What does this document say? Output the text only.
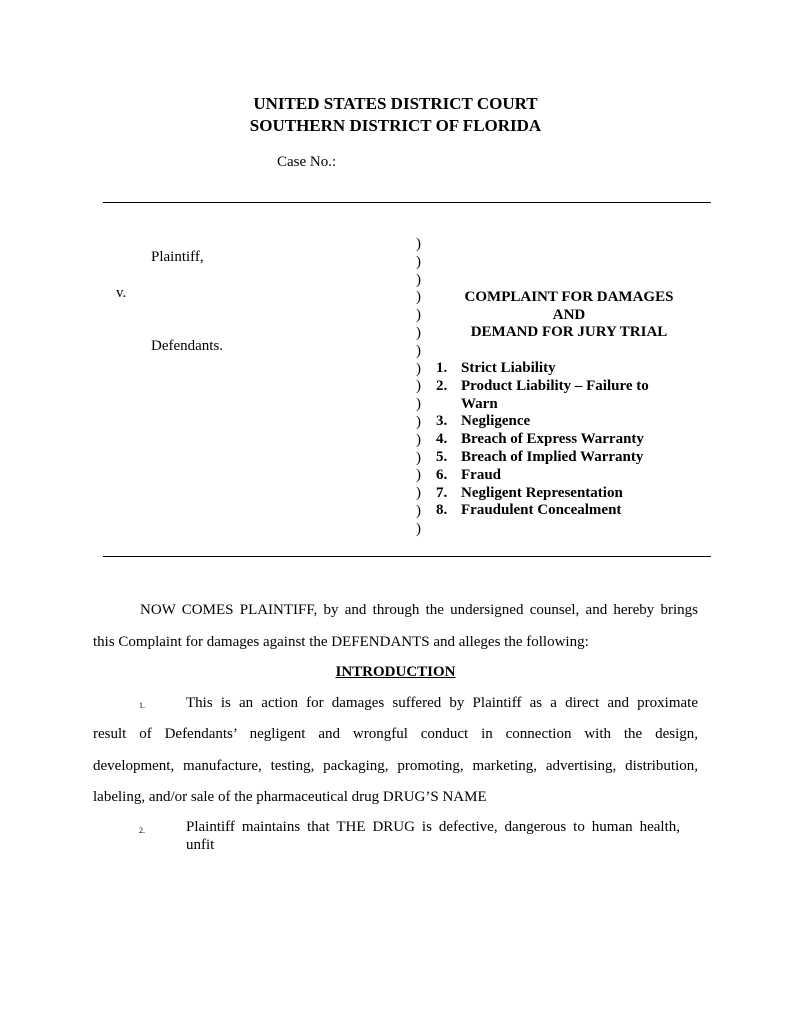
UNITED STATES DISTRICT COURT
SOUTHERN DISTRICT OF FLORIDA
Case No.:
Plaintiff,
v.
Defendants.
)
)
)
)
)
)
)
)
)
)
)
)
)
)
)
)
)
COMPLAINT FOR DAMAGES
AND
DEMAND FOR JURY TRIAL
1. Strict Liability
2. Product Liability – Failure to Warn
3. Negligence
4. Breach of Express Warranty
5. Breach of Implied Warranty
6. Fraud
7. Negligent Representation
8. Fraudulent Concealment
NOW COMES PLAINTIFF, by and through the undersigned counsel, and hereby brings
this Complaint for damages against the DEFENDANTS and alleges the following:
INTRODUCTION
1.	This is an action for damages suffered by Plaintiff as a direct and proximate
result of Defendants’ negligent and wrongful conduct in connection with the design,
development, manufacture, testing, packaging, promoting, marketing, advertising, distribution,
labeling, and/or sale of the pharmaceutical drug DRUG’S NAME
2.	Plaintiff maintains that THE DRUG is defective, dangerous to human health,
unfit
